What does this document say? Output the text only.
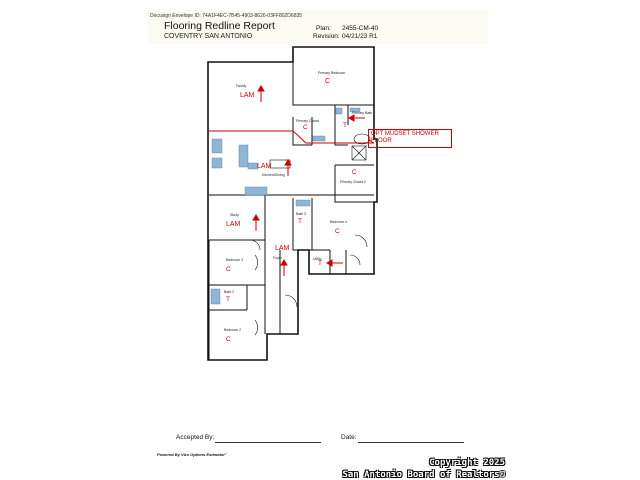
Docusign Envelope ID: 74A1F4EC-7B45-4903-8626-03FF802D6835
Flooring Redline Report
COVENTRY SAN ANTONIO
Plan: 2455-CM-40
Revision: 04/21/23 R1
Family
Primary Bedroom
Primary Closet
Primary Bath
Kitchen/Dining
Primary Closet 2
Study	Bath 3
Bedroom 4
Utility
Foyer
Bedroom 3
Bath 2
Bedroom 2
LAM
C
C	T
LAM
C
LAM	T
C
T
LAM
C
T
C
OPT MUDSET SHOWER FLOOR
Accepted By:	Date:
Powered By V&o Options Estimator²
Copyright 2025
San Antonio Board of Realtors®
